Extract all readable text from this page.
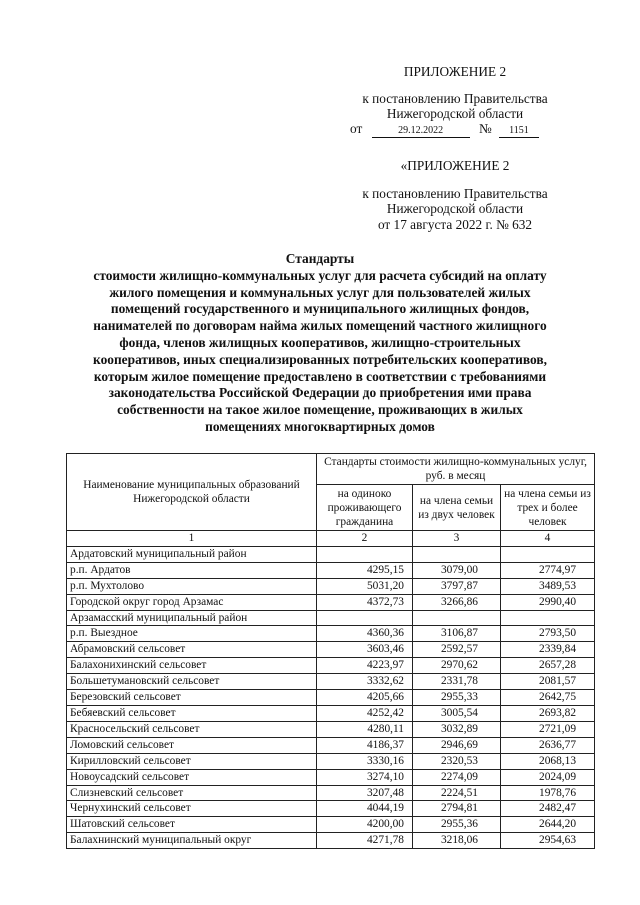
ПРИЛОЖЕНИЕ 2
к постановлению Правительства
Нижегородской области
от	29.12.2022	№ 1151
«ПРИЛОЖЕНИЕ 2
к постановлению Правительства
Нижегородской области
от 17 августа 2022 г. № 632
Стандарты
стоимости жилищно-коммунальных услуг для расчета субсидий на оплату
жилого помещения и коммунальных услуг для пользователей жилых
помещений государственного и муниципального жилищных фондов,
нанимателей по договорам найма жилых помещений частного жилищного
фонда, членов жилищных кооперативов, жилищно-строительных
кооперативов, иных специализированных потребительских кооперативов,
которым жилое помещение предоставлено в соответствии с требованиями
законодательства Российской Федерации до приобретения ими права
собственности на такое жилое помещение, проживающих в жилых
помещениях многоквартирных домов
Наименование муниципальных образований Нижегородской области	Стандарты стоимости жилищно-коммунальных услуг, руб. в месяц		
	на одиноко проживающего гражданина	на члена семьи из двух человек	на члена семьи из трех и более человек
1	2	3	4
Ардатовский муниципальный район			
р.п. Ардатов	4295,15	3079,00	2774,97
р.п. Мухтолово	5031,20	3797,87	3489,53
Городской округ город Арзамас	4372,73	3266,86	2990,40
Арзамасский муниципальный район			
р.п. Выездное	4360,36	3106,87	2793,50
Абрамовский сельсовет	3603,46	2592,57	2339,84
Балахонихинский сельсовет	4223,97	2970,62	2657,28
Большетумановский сельсовет	3332,62	2331,78	2081,57
Березовский сельсовет	4205,66	2955,33	2642,75
Бебяевский сельсовет	4252,42	3005,54	2693,82
Красносельский сельсовет	4280,11	3032,89	2721,09
Ломовский сельсовет	4186,37	2946,69	2636,77
Кирилловский сельсовет	3330,16	2320,53	2068,13
Новоусадский сельсовет	3274,10	2274,09	2024,09
Слизневский сельсовет	3207,48	2224,51	1978,76
Чернухинский сельсовет	4044,19	2794,81	2482,47
Шатовский сельсовет	4200,00	2955,36	2644,20
Балахнинский муниципальный округ	4271,78	3218,06	2954,63
